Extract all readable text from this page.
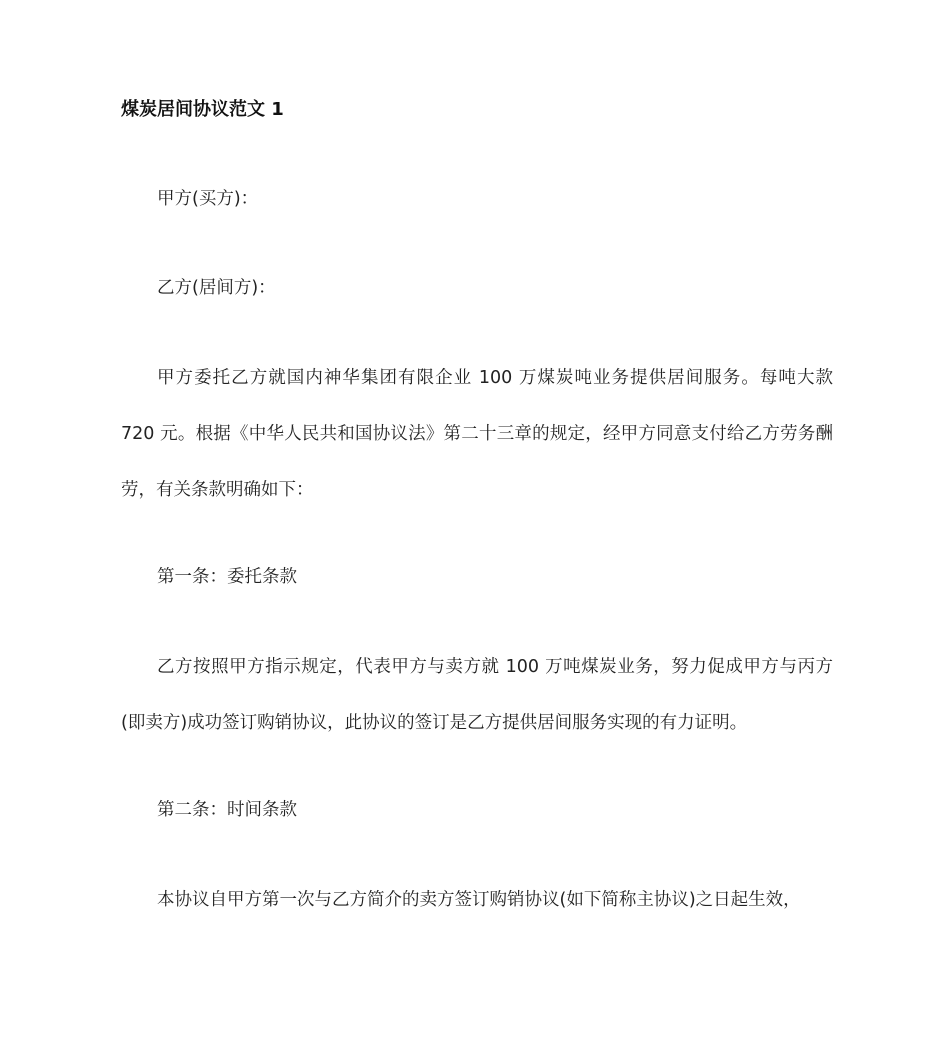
煤炭居间协议范文 1
甲方(买方)：
乙方(居间方)：

甲方委托乙方就国内神华集团有限企业 100 万煤炭吨业务提供居间服务。每吨大款 720 元。根据《中华人民共和国协议法》第二十三章的规定，经甲方同意支付给乙方劳务酬劳，有关条款明确如下：

第一条：委托条款

乙方按照甲方指示规定，代表甲方与卖方就 100 万吨煤炭业务，努力促成甲方与丙方(即卖方)成功签订购销协议，此协议的签订是乙方提供居间服务实现的有力证明。

第二条：时间条款

本协议自甲方第一次与乙方简介的卖方签订购销协议(如下简称主协议)之日起生效，
